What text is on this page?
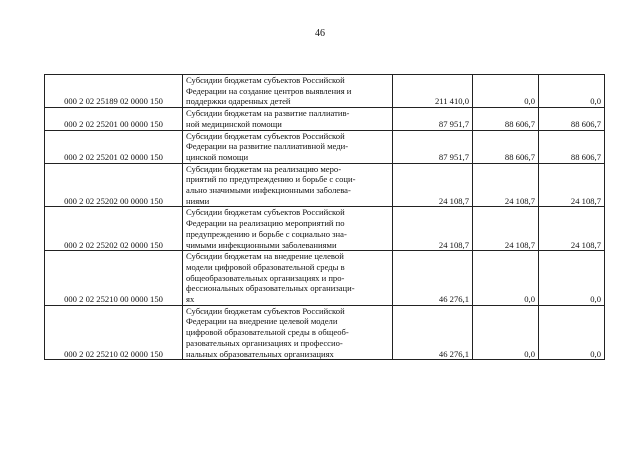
46
000 2 02 25189 02 0000 150	Субсидии бюджетам субъектов Российской
Федерации на создание центров выявления и
поддержки одаренных детей	211 410,0	0,0	0,0
000 2 02 25201 00 0000 150	Субсидии бюджетам на развитие паллиатив-
ной медицинской помощи	87 951,7	88 606,7	88 606,7
000 2 02 25201 02 0000 150	Субсидии бюджетам субъектов Российской
Федерации на развитие паллиативной меди-
цинской помощи	87 951,7	88 606,7	88 606,7
000 2 02 25202 00 0000 150	Субсидии бюджетам на реализацию меро-
приятий по предупреждению и борьбе с соци-
ально значимыми инфекционными заболева-
ниями	24 108,7	24 108,7	24 108,7
000 2 02 25202 02 0000 150	Субсидии бюджетам субъектов Российской
Федерации на реализацию мероприятий по
предупреждению и борьбе с социально зна-
чимыми инфекционными заболеваниями	24 108,7	24 108,7	24 108,7
000 2 02 25210 00 0000 150	Субсидии бюджетам на внедрение целевой
модели цифровой образовательной среды в
общеобразовательных организациях и про-
фессиональных образовательных организаци-
ях	46 276,1	0,0	0,0
000 2 02 25210 02 0000 150	Субсидии бюджетам субъектов Российской
Федерации на внедрение целевой модели
цифровой образовательной среды в общеоб-
разовательных организациях и профессио-
нальных образовательных организациях	46 276,1	0,0	0,0
